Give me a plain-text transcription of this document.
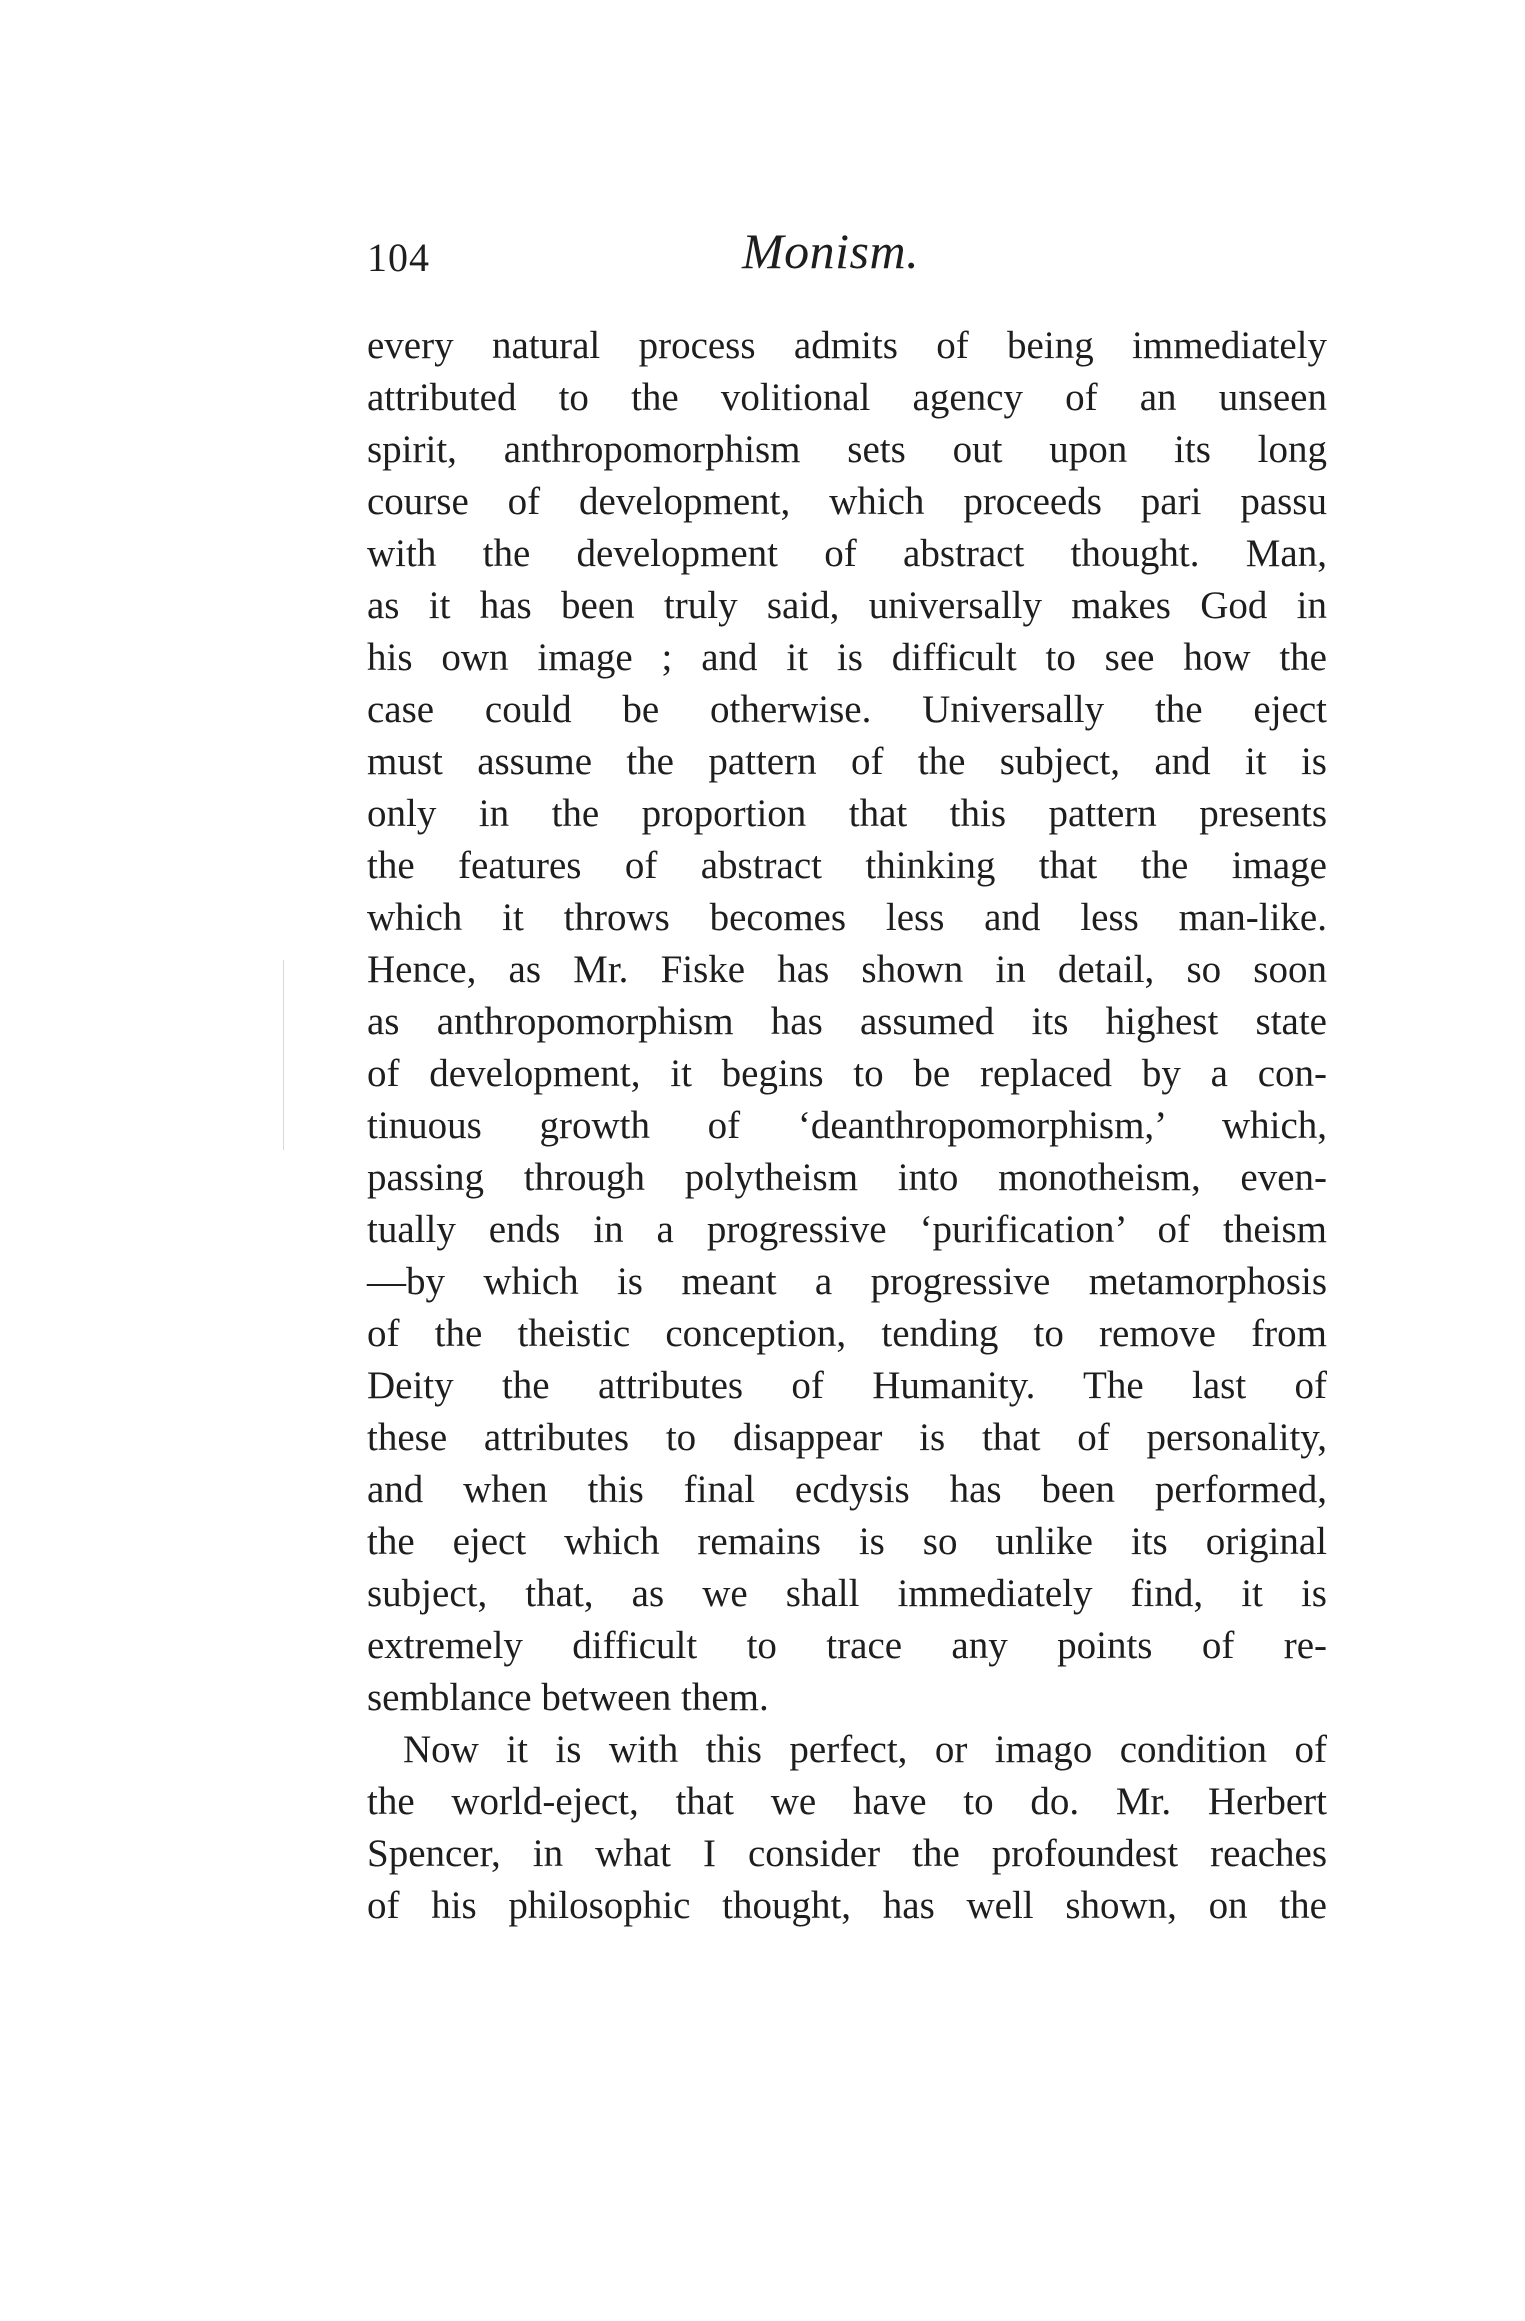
104	Monism.
every natural process admits of being immediately
attributed to the volitional agency of an unseen
spirit, anthropomorphism sets out upon its long
course of development, which proceeds pari passu
with the development of abstract thought. Man,
as it has been truly said, universally makes God in
his own image ; and it is difficult to see how the
case could be otherwise. Universally the eject
must assume the pattern of the subject, and it is
only in the proportion that this pattern presents
the features of abstract thinking that the image
which it throws becomes less and less man-like.
Hence, as Mr. Fiske has shown in detail, so soon
as anthropomorphism has assumed its highest state
of development, it begins to be replaced by a con-
tinuous growth of ‘deanthropomorphism,’ which,
passing through polytheism into monotheism, even-
tually ends in a progressive ‘purification’ of theism
—by which is meant a progressive metamorphosis
of the theistic conception, tending to remove from
Deity the attributes of Humanity. The last of
these attributes to disappear is that of personality,
and when this final ecdysis has been performed,
the eject which remains is so unlike its original
subject, that, as we shall immediately find, it is
extremely difficult to trace any points of re-
semblance between them.
Now it is with this perfect, or imago condition of
the world-eject, that we have to do. Mr. Herbert
Spencer, in what I consider the profoundest reaches
of his philosophic thought, has well shown, on the
